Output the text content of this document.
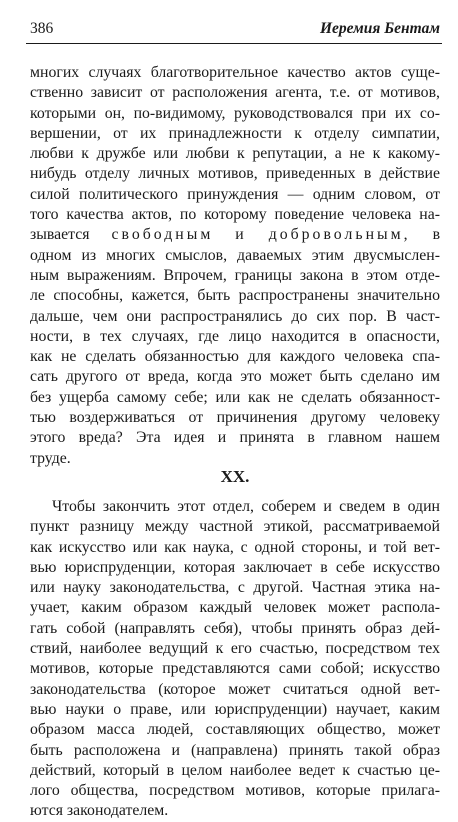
386	Иеремия Бентам
многих случаях благотворительное качество актов суще-
ственно зависит от расположения агента, т.е. от мотивов,
которыми он, по-видимому, руководствовался при их со-
вершении, от их принадлежности к отделу симпатии,
любви к дружбе или любви к репутации, а не к какому-
нибудь отделу личных мотивов, приведенных в действие
силой политического принуждения — одним словом, от
того качества актов, по которому поведение человека на-
зывается свободным и добровольным, в
одном из многих смыслов, даваемых этим двусмыслен-
ным выражениям. Впрочем, границы закона в этом отде-
ле способны, кажется, быть распространены значительно
дальше, чем они распространялись до сих пор. В част-
ности, в тех случаях, где лицо находится в опасности,
как не сделать обязанностью для каждого человека спа-
сать другого от вреда, когда это может быть сделано им
без ущерба самому себе; или как не сделать обязанност-
тью воздерживаться от причинения другому человеку
этого вреда? Эта идея и принята в главном нашем
труде.
XX.
Чтобы закончить этот отдел, соберем и сведем в один
пункт разницу между частной этикой, рассматриваемой
как искусство или как наука, с одной стороны, и той вет-
вью юриспруденции, которая заключает в себе искусство
или науку законодательства, с другой. Частная этика на-
учает, каким образом каждый человек может распола-
гать собой (направлять себя), чтобы принять образ дей-
ствий, наиболее ведущий к его счастью, посредством тех
мотивов, которые представляются сами собой; искусство
законодательства (которое может считаться одной вет-
вью науки о праве, или юриспруденции) научает, каким
образом масса людей, составляющих общество, может
быть расположена и (направлена) принять такой образ
действий, который в целом наиболее ведет к счастью це-
лого общества, посредством мотивов, которые прилага-
ются законодателем.
